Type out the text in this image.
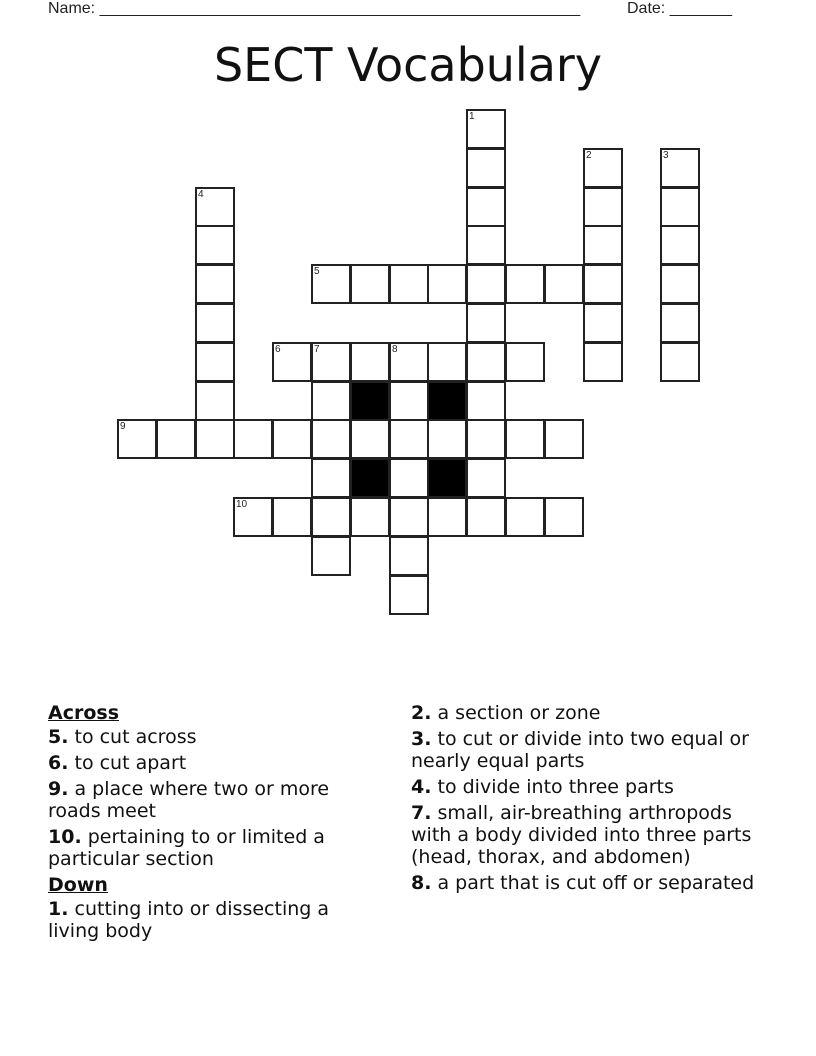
Name: ______________________________________________________	Date: _______
SECT Vocabulary
1
2	3
4
5
6	7	8
9
10
Across
5. to cut across
6. to cut apart
9. a place where two or more roads meet
10. pertaining to or limited a particular section
Down
1. cutting into or dissecting a living body
2. a section or zone
3. to cut or divide into two equal or nearly equal parts
4. to divide into three parts
7. small, air-breathing arthropods with a body divided into three parts (head, thorax, and abdomen)
8. a part that is cut off or separated
